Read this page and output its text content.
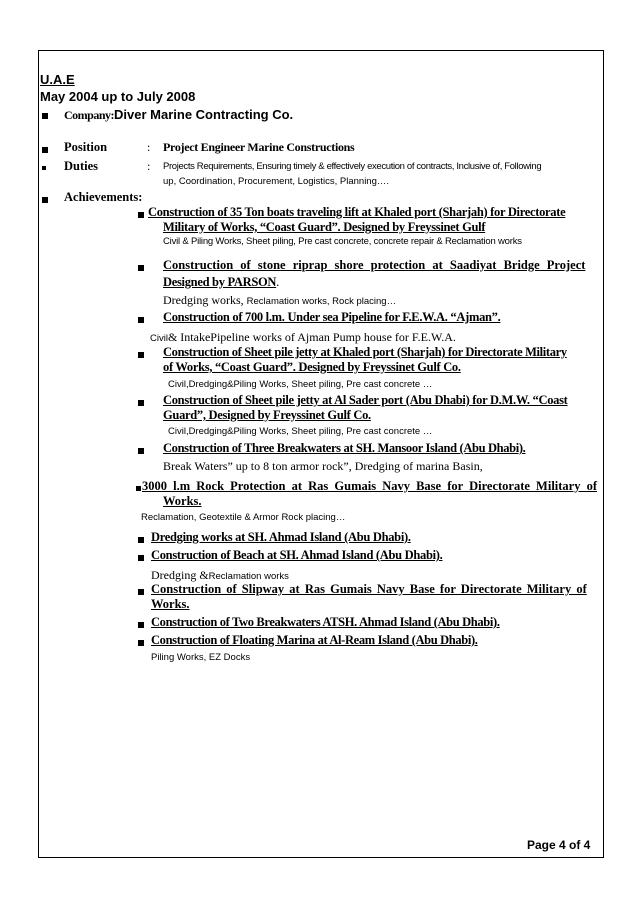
U.A.E
May 2004 up to July 2008
Company:Diver Marine Contracting Co.
Position	: Project Engineer Marine Constructions
Duties	: Projects Requirements, Ensuring timely & effectively execution of contracts, Inclusive of, Following
up, Coordination, Procurement, Logistics, Planning….
Achievements:
Construction of 35 Ton boats traveling lift at Khaled port (Sharjah) for Directorate
Military of Works, “Coast Guard”. Designed by Freyssinet Gulf
Civil & Piling Works, Sheet piling, Pre cast concrete, concrete repair & Reclamation works
Construction of stone riprap shore protection at Saadiyat Bridge Project
Designed by PARSON.
Dredging works, Reclamation works, Rock placing…
Construction of 700 l.m. Under sea Pipeline for F.E.W.A. “Ajman”.
Civil& IntakePipeline works of Ajman Pump house for F.E.W.A.
Construction of Sheet pile jetty at Khaled port (Sharjah) for Directorate Military
of Works, “Coast Guard”. Designed by Freyssinet Gulf Co.
Civil,Dredging&Piling Works, Sheet piling, Pre cast concrete …
Construction of Sheet pile jetty at Al Sader port (Abu Dhabi) for D.M.W. “Coast
Guard”, Designed by Freyssinet Gulf Co.
Civil,Dredging&Piling Works, Sheet piling, Pre cast concrete …
Construction of Three Breakwaters at SH. Mansoor Island (Abu Dhabi).
Break Waters” up to 8 ton armor rock”, Dredging of marina Basin,
3000 l.m Rock Protection at Ras Gumais Navy Base for Directorate Military of
Works.
Reclamation, Geotextile & Armor Rock placing…
Dredging works at SH. Ahmad Island (Abu Dhabi).
Construction of Beach at SH. Ahmad Island (Abu Dhabi).
Dredging &Reclamation works
Construction of Slipway at Ras Gumais Navy Base for Directorate Military of
Works.
Construction of Two Breakwaters ATSH. Ahmad Island (Abu Dhabi).
Construction of Floating Marina at Al-Ream Island (Abu Dhabi).
Piling Works, EZ Docks
Page 4 of 4
